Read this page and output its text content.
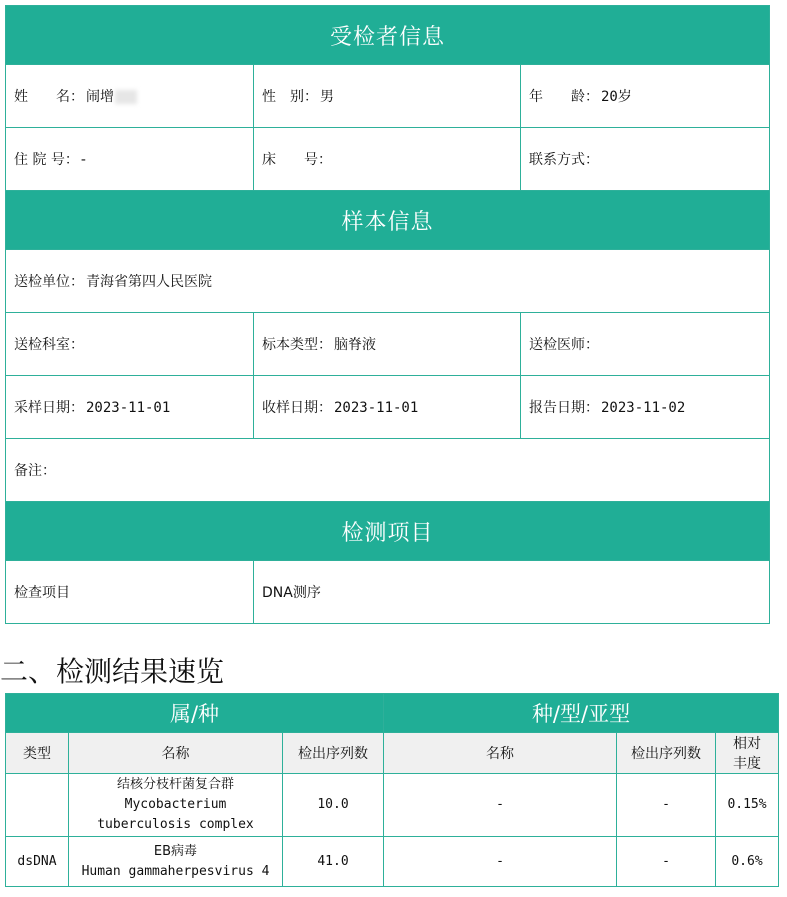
受检者信息		
姓　　名： 闹增	性　别： 男	年　　龄： 20岁
住 院 号： -	床　　号：	联系方式：
样本信息		
送检单位： 青海省第四人民医院		
送检科室：	标本类型： 脑脊液	送检医师：
采样日期： 2023-11-01	收样日期： 2023-11-01	报告日期： 2023-11-02
备注：		
检测项目		
检查项目	DNA测序	
二、检测结果速览
属/种			种/型/亚型		
类型	名称	检出序列数	名称	检出序列数	相对
丰度

	结核分枝杆菌复合群
Mycobacterium
tuberculosis complex	10.0	-	-	0.15%
dsDNA	EB病毒
Human gammaherpesvirus 4	41.0	-	-	0.6%
